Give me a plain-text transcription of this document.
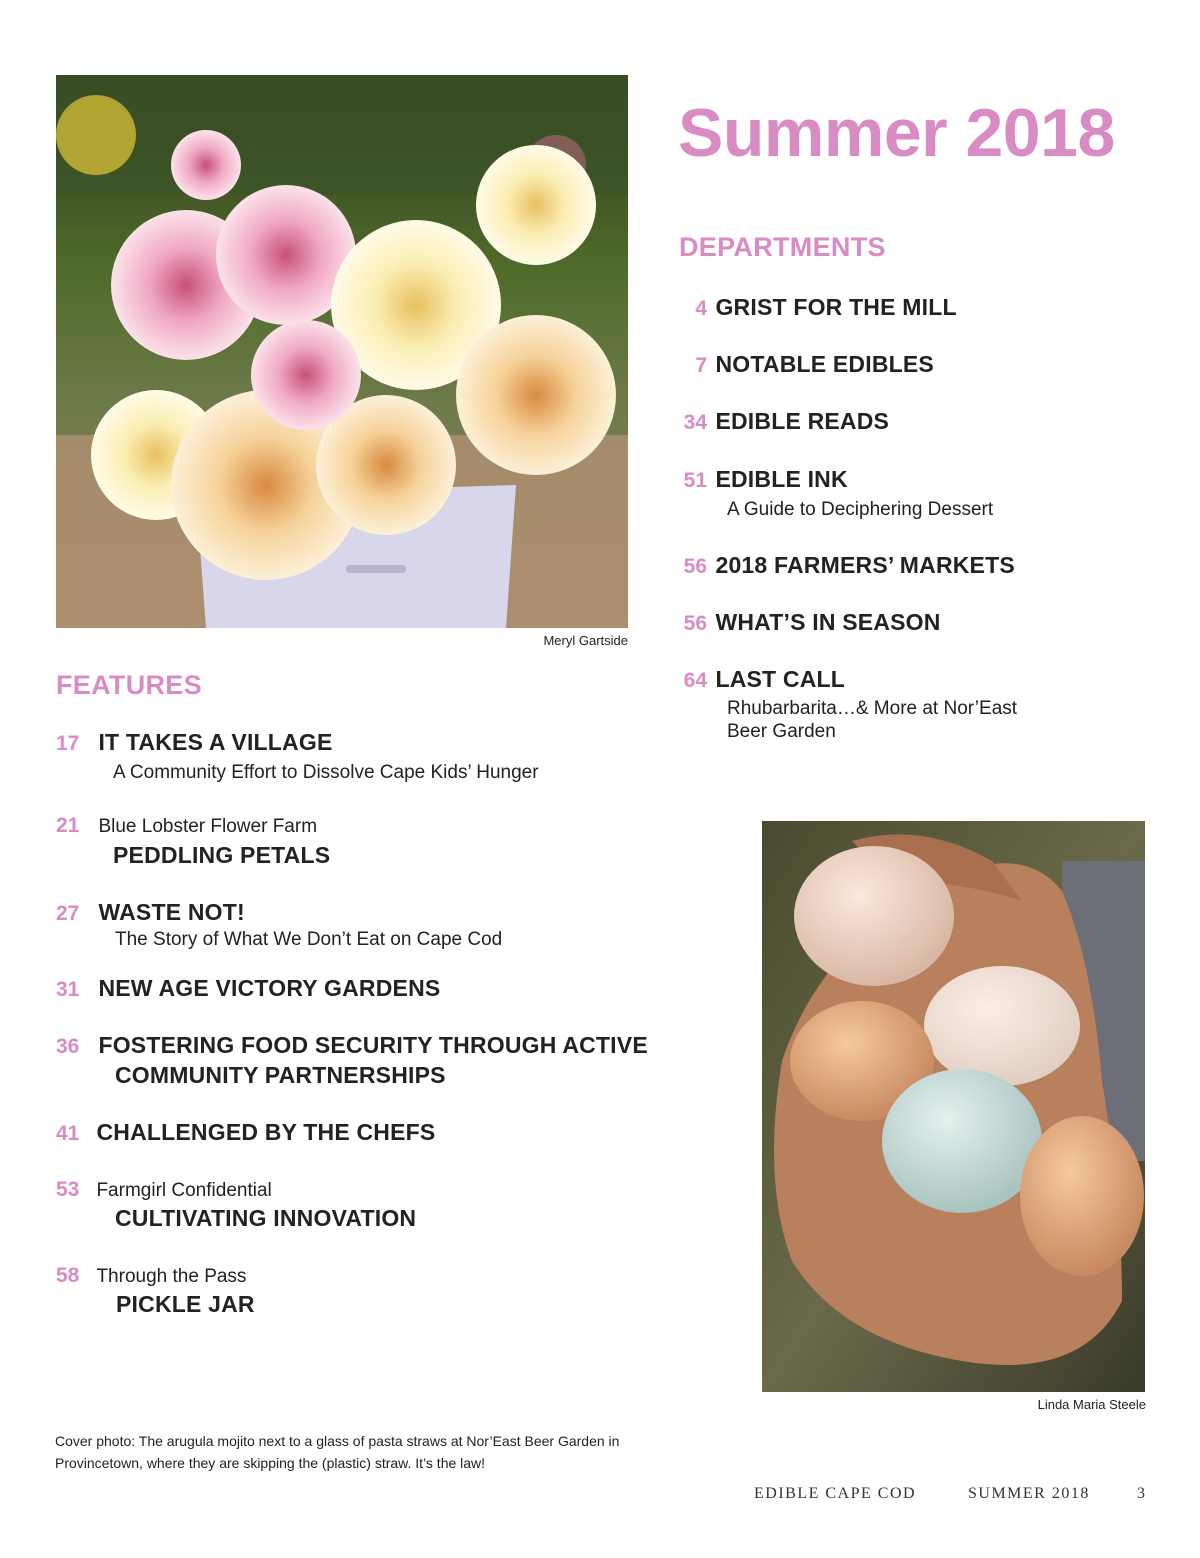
Meryl Gartside
Summer 2018
DEPARTMENTS
4 GRIST FOR THE MILL
7 NOTABLE EDIBLES
34 EDIBLE READS
51 EDIBLE INK
A Guide to Deciphering Dessert
56 2018 FARMERS’ MARKETS
56 WHAT’S IN SEASON
64 LAST CALL
Rhubarbarita…& More at Nor’East
Beer Garden
FEATURES
17 IT TAKES A VILLAGE
A Community Effort to Dissolve Cape Kids’ Hunger
21 Blue Lobster Flower Farm
PEDDLING PETALS
27 WASTE NOT!
The Story of What We Don’t Eat on Cape Cod
31 NEW AGE VICTORY GARDENS
36 FOSTERING FOOD SECURITY THROUGH ACTIVE
COMMUNITY PARTNERSHIPS
41 CHALLENGED BY THE CHEFS
53 Farmgirl Confidential
CULTIVATING INNOVATION
58 Through the Pass
PICKLE JAR
Linda Maria Steele
Cover photo: The arugula mojito next to a glass of pasta straws at Nor’East Beer Garden in
Provincetown, where they are skipping the (plastic) straw. It’s the law!
EDIBLE CAPE COD	SUMMER 2018	3
